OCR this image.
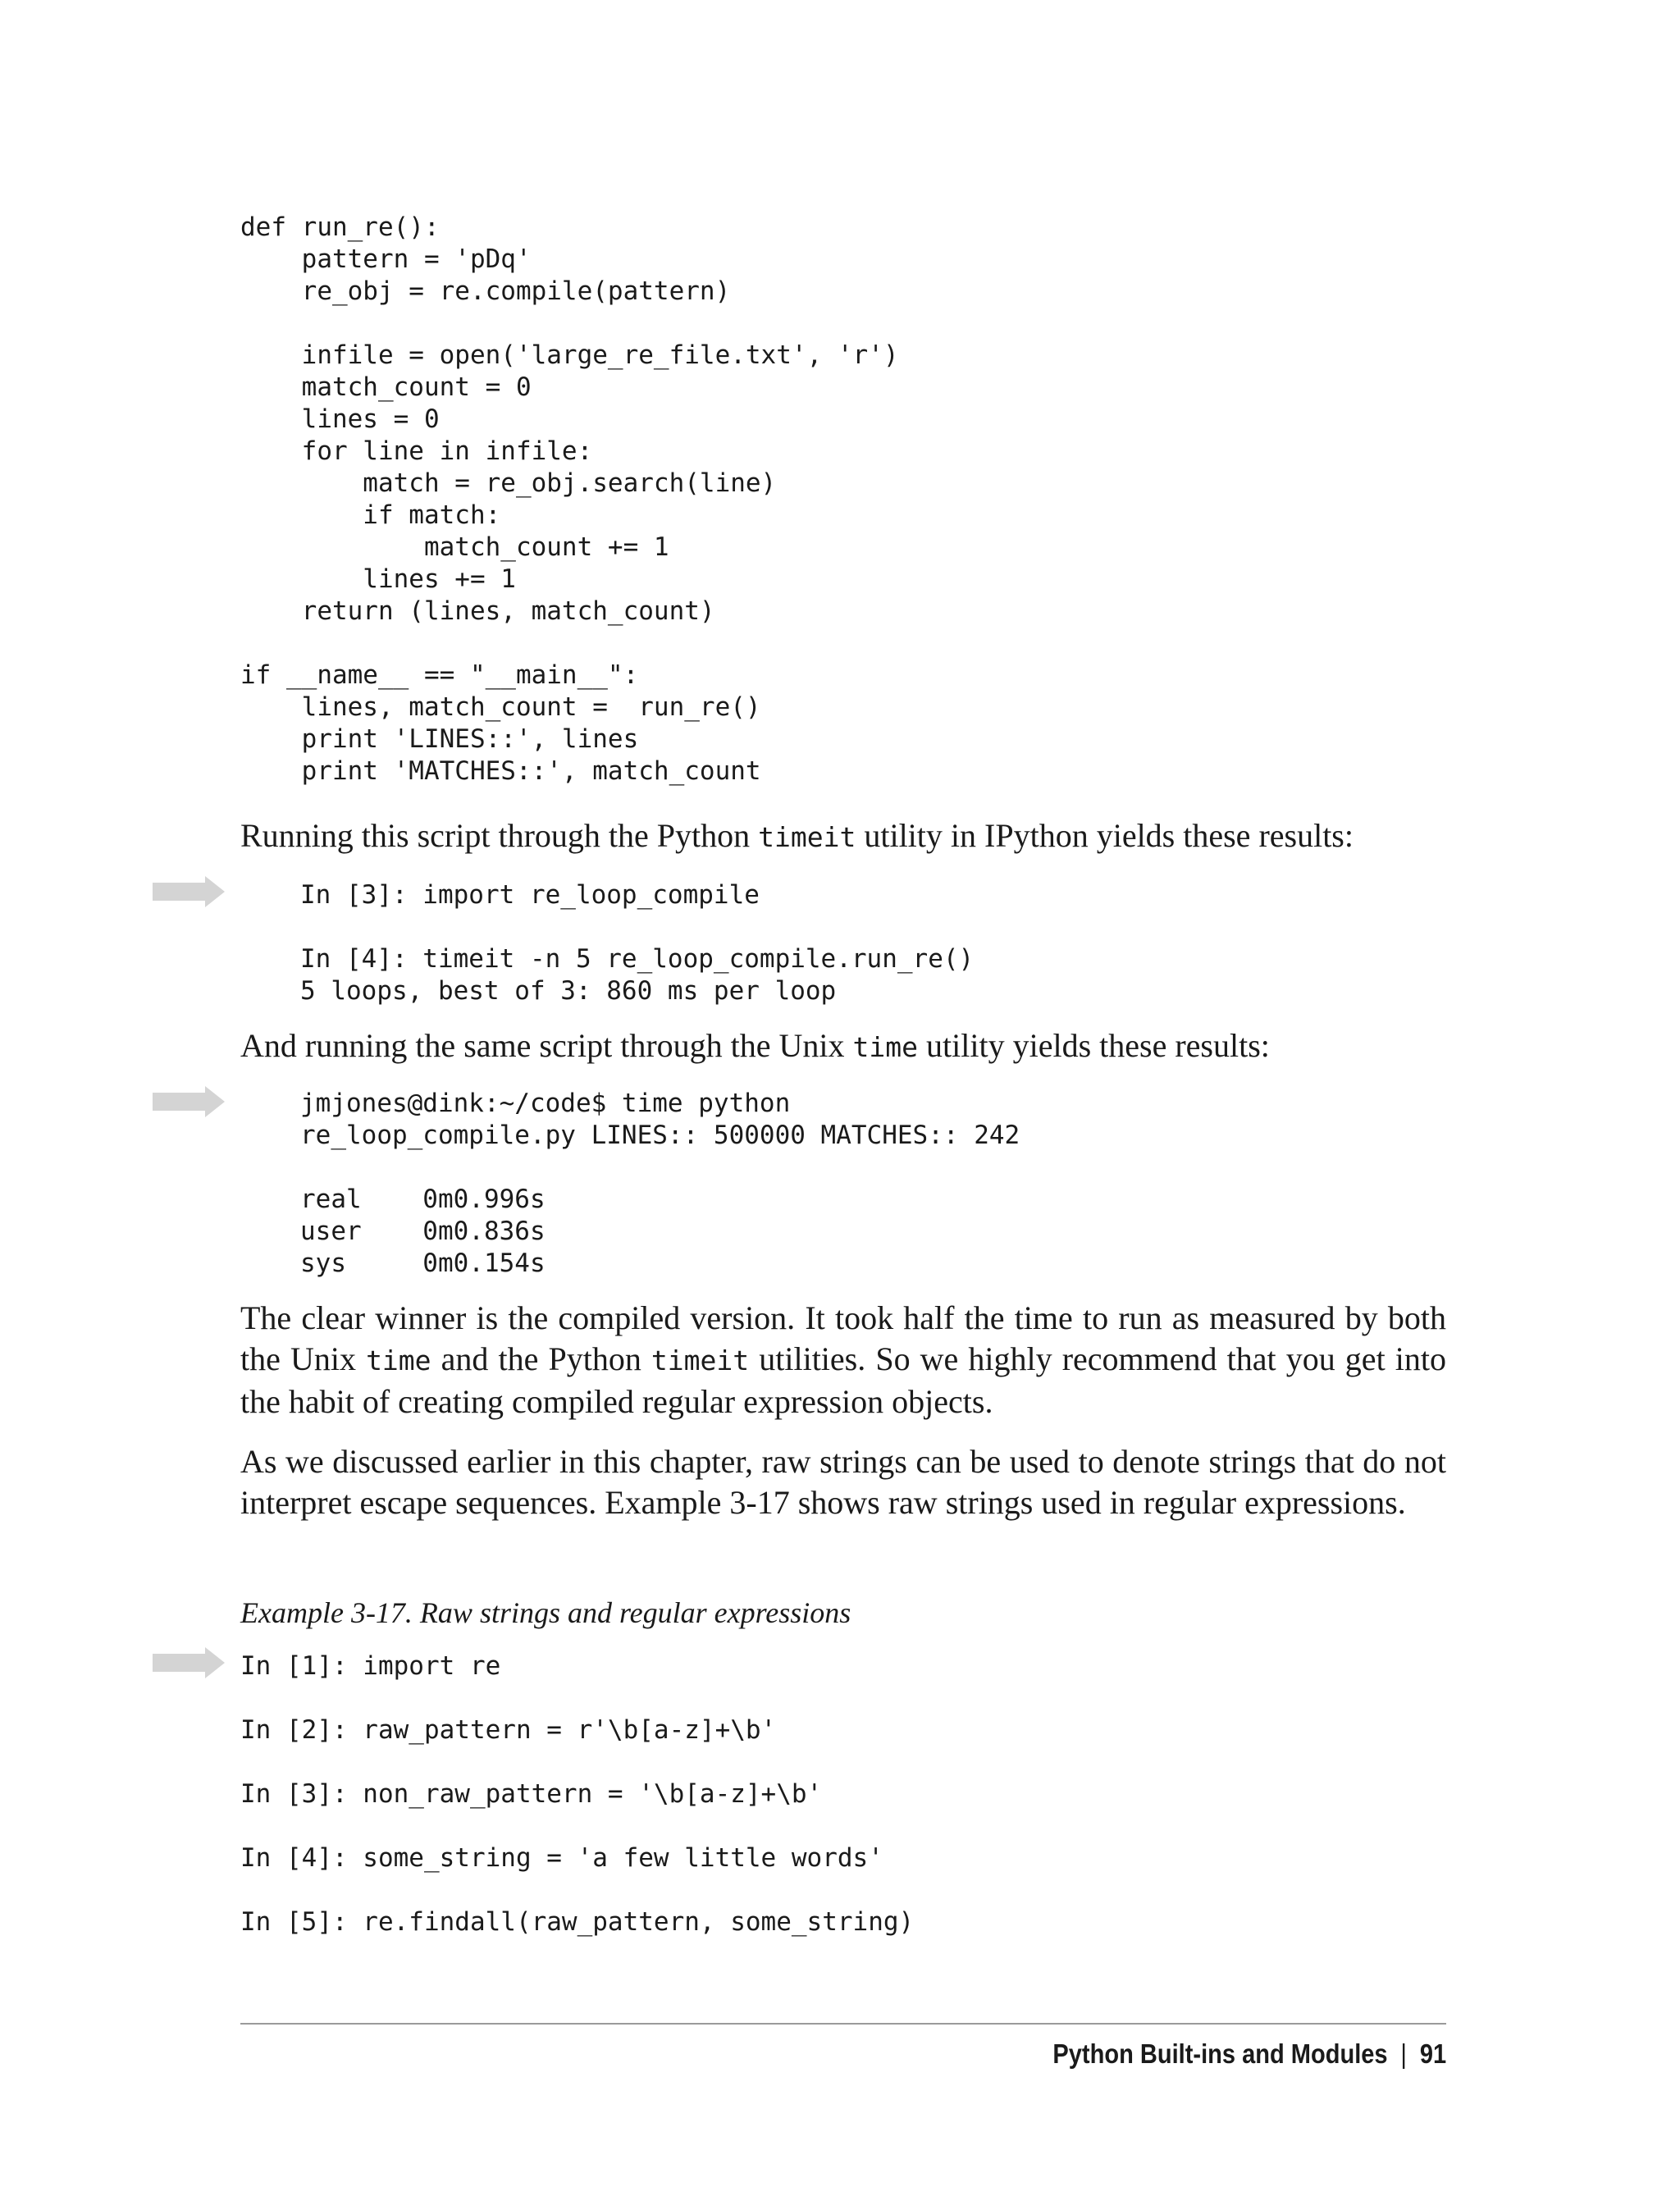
def run_re():
pattern = 'pDq'
re_obj = re.compile(pattern)

infile = open('large_re_file.txt', 'r')
match_count = 0
lines = 0
for line in infile:
match = re_obj.search(line)
if match:
match_count += 1
lines += 1
return (lines, match_count)

if __name__ == "__main__":
lines, match_count =  run_re()
print 'LINES::', lines
print 'MATCHES::', match_count

Running this script through the Python timeit utility in IPython yields these results:

In [3]: import re_loop_compile

In [4]: timeit -n 5 re_loop_compile.run_re()
5 loops, best of 3: 860 ms per loop

And running the same script through the Unix time utility yields these results:

jmjones@dink:~/code$ time python
re_loop_compile.py LINES:: 500000 MATCHES:: 242

real    0m0.996s
user    0m0.836s
sys     0m0.154s

The clear winner is the compiled version. It took half the time to run as measured by both the Unix time and the Python timeit utilities. So we highly recommend that you get into the habit of creating compiled regular expression objects.

As we discussed earlier in this chapter, raw strings can be used to denote strings that do not interpret escape sequences. Example 3-17 shows raw strings used in regular expressions.

Example 3-17. Raw strings and regular expressions

In [1]: import re

In [2]: raw_pattern = r'\b[a-z]+\b'

In [3]: non_raw_pattern = '\b[a-z]+\b'

In [4]: some_string = 'a few little words'

In [5]: re.findall(raw_pattern, some_string)
Python Built-ins and Modules | 91
